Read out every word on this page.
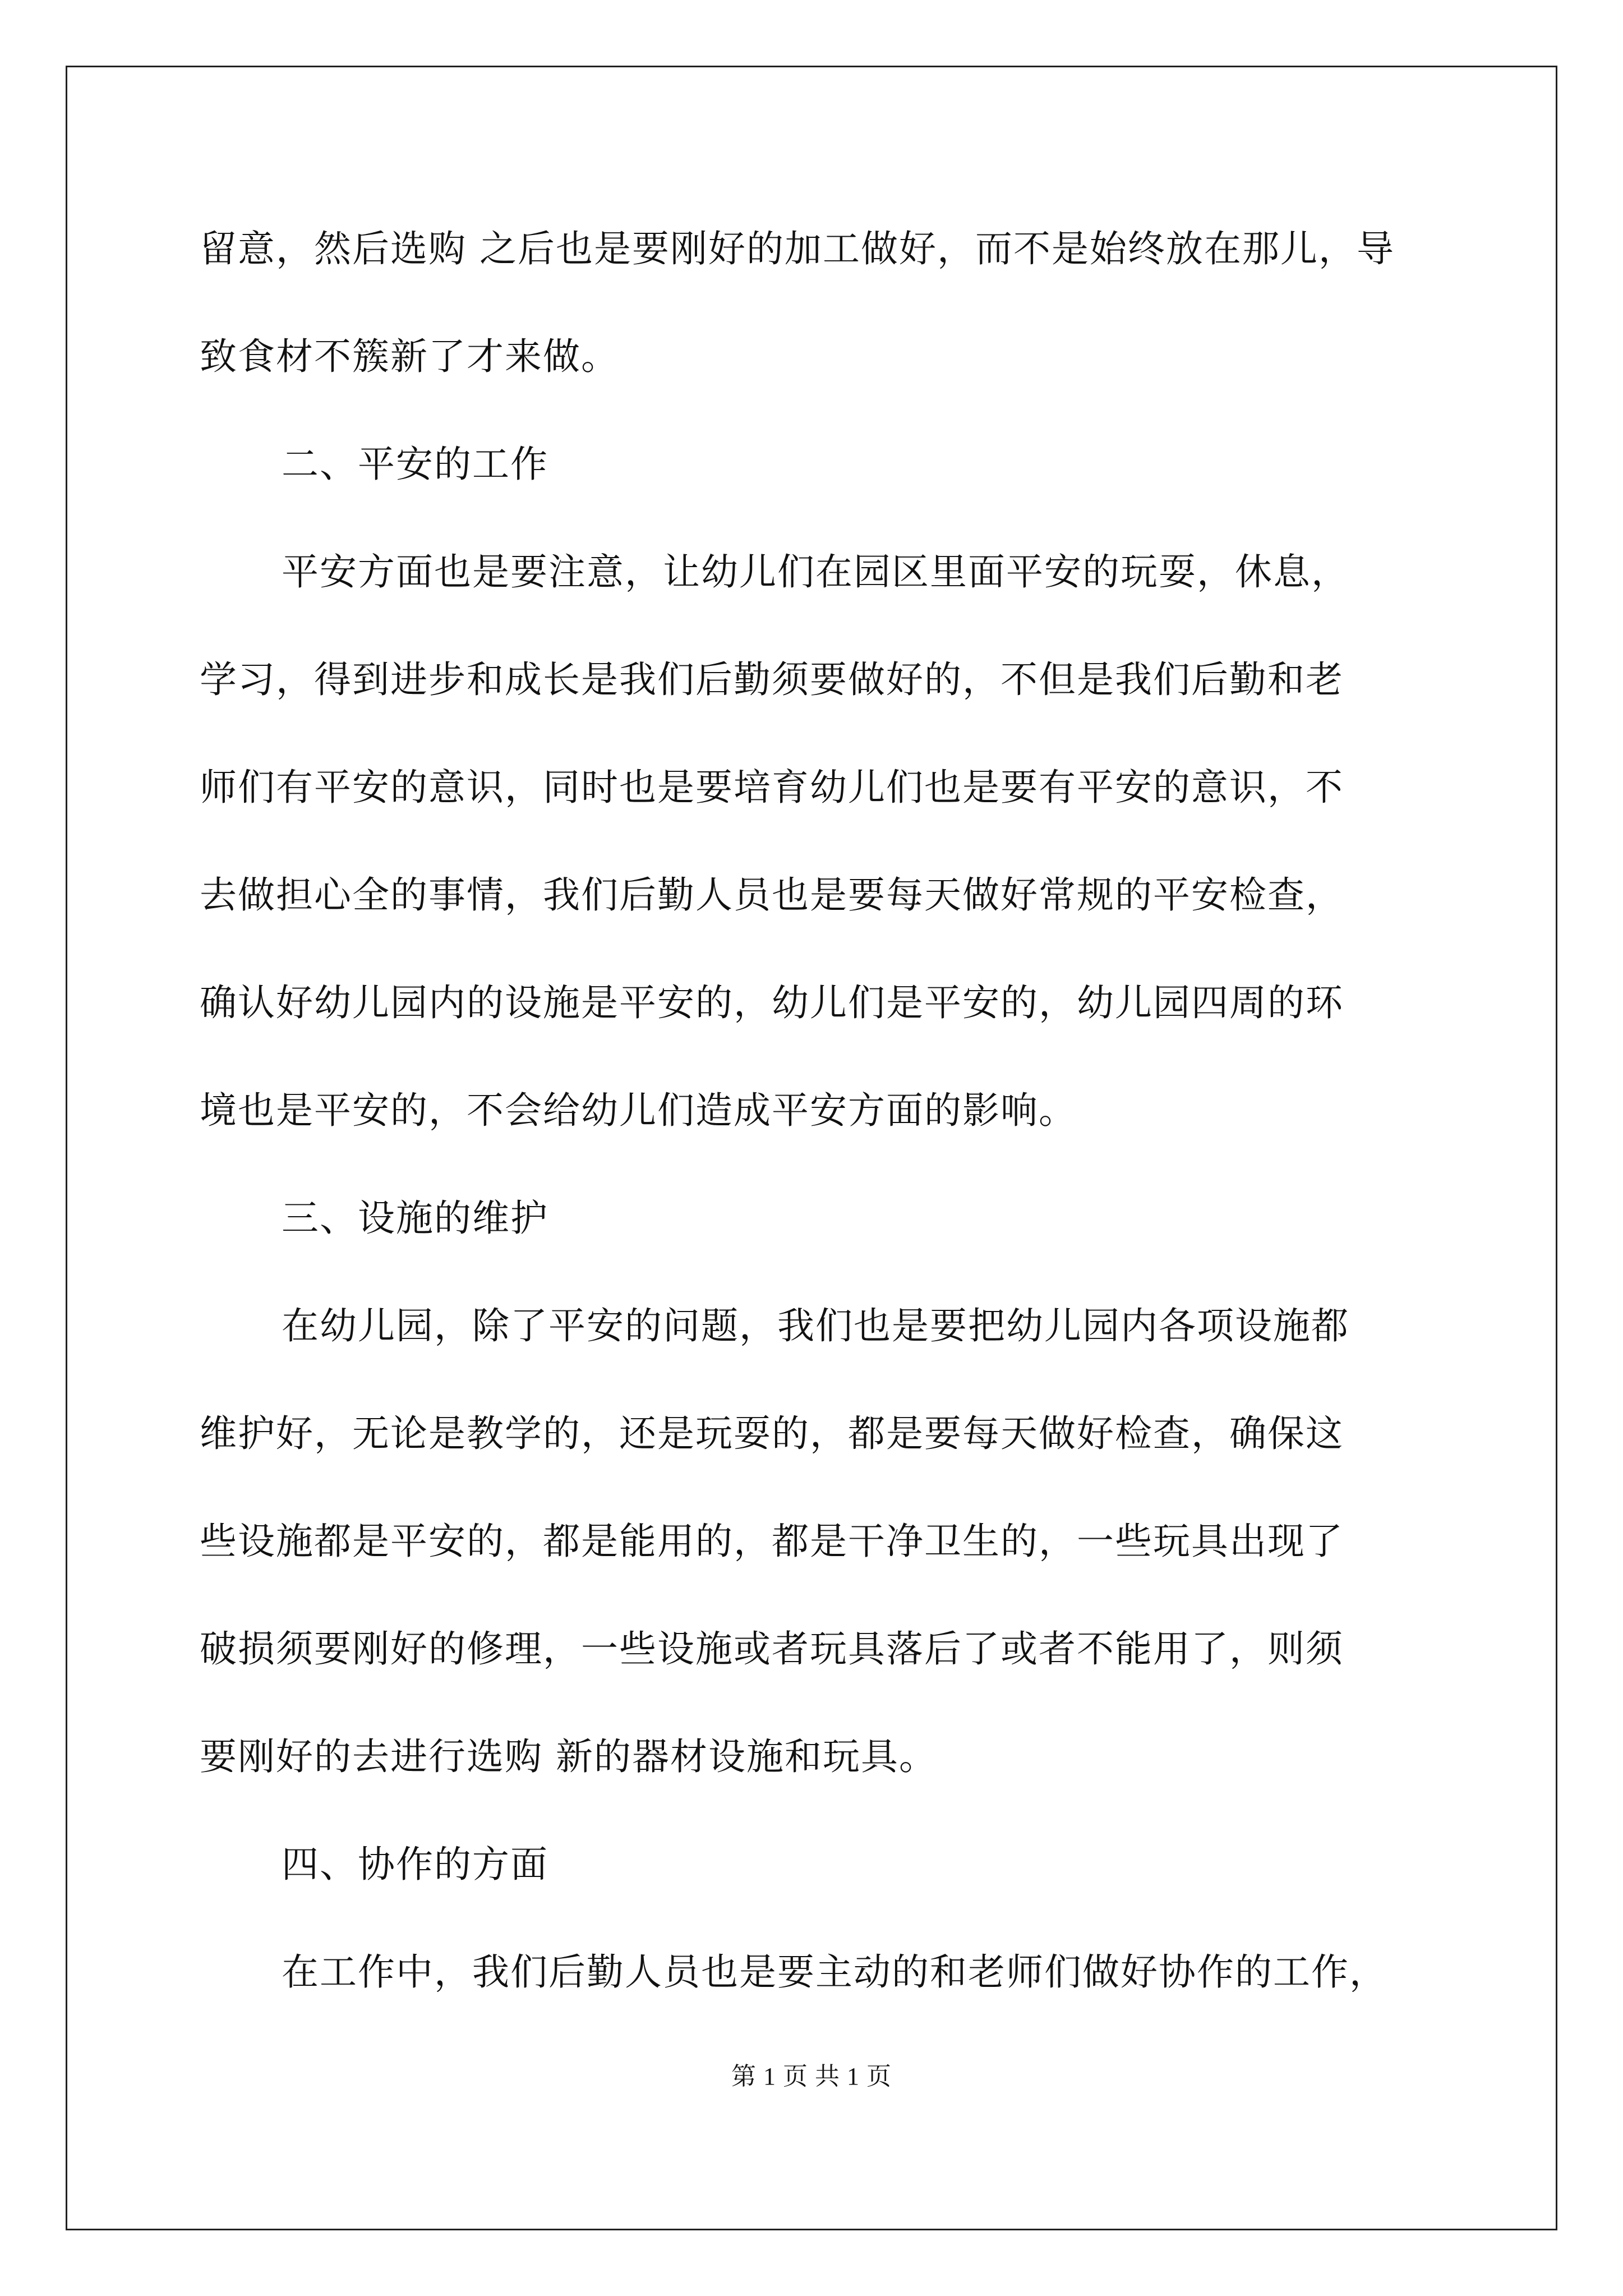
留意，然后选购 之后也是要刚好的加工做好，而不是始终放在那儿，导
致食材不簇新了才来做。
二、平安的工作
平安方面也是要注意，让幼儿们在园区里面平安的玩耍，休息，
学习，得到进步和成长是我们后勤须要做好的，不但是我们后勤和老
师们有平安的意识，同时也是要培育幼儿们也是要有平安的意识，不
去做担心全的事情，我们后勤人员也是要每天做好常规的平安检查，
确认好幼儿园内的设施是平安的，幼儿们是平安的，幼儿园四周的环
境也是平安的，不会给幼儿们造成平安方面的影响。
三、设施的维护
在幼儿园，除了平安的问题，我们也是要把幼儿园内各项设施都
维护好，无论是教学的，还是玩耍的，都是要每天做好检查，确保这
些设施都是平安的，都是能用的，都是干净卫生的，一些玩具出现了
破损须要刚好的修理，一些设施或者玩具落后了或者不能用了，则须
要刚好的去进行选购 新的器材设施和玩具。
四、协作的方面
在工作中，我们后勤人员也是要主动的和老师们做好协作的工作，
第 1 页 共 1 页
